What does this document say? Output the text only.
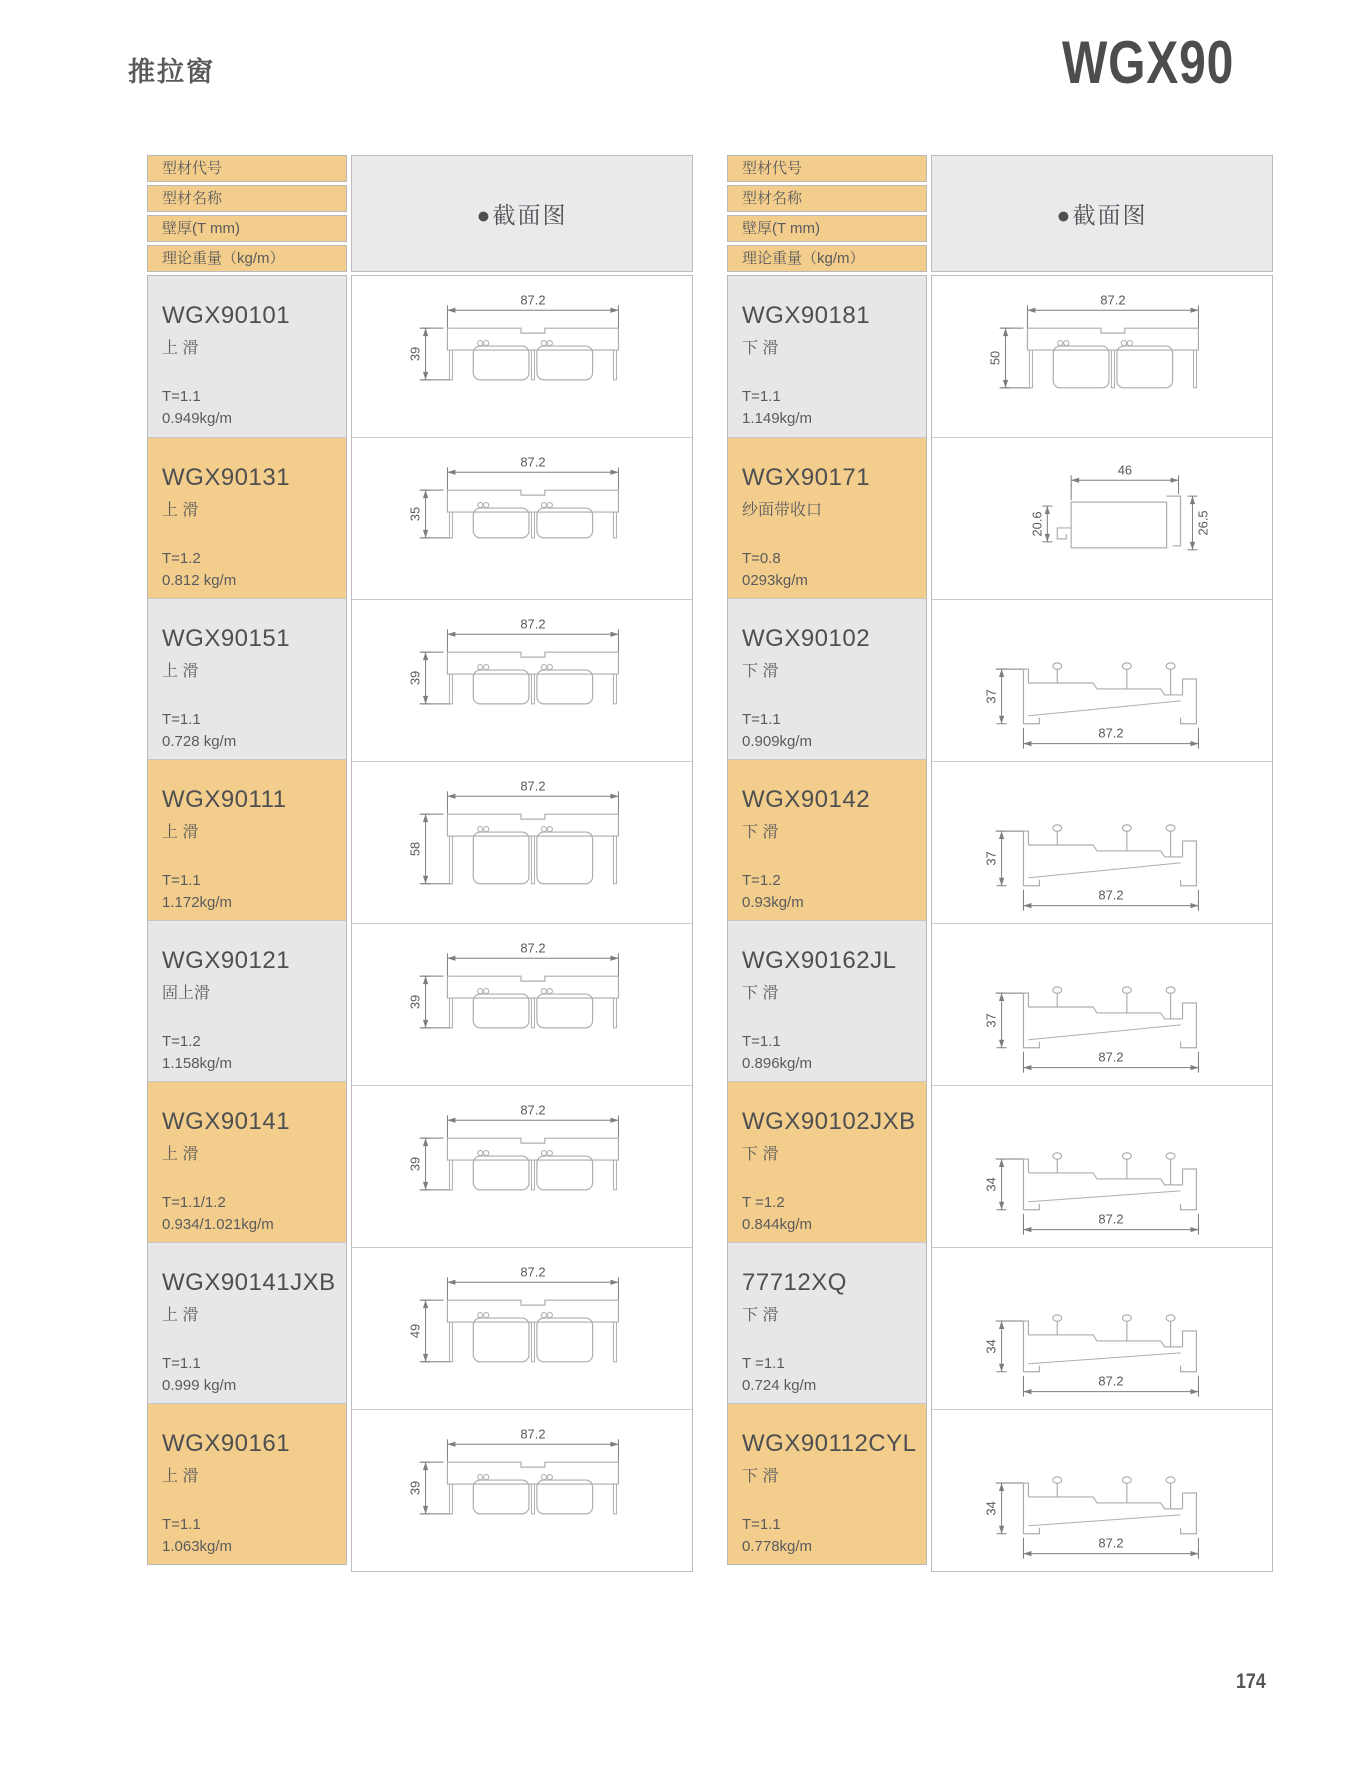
推拉窗	WGX90
型材代号
型材名称
壁厚(T mm)
理论重量（kg/m）
●截面图
WGX90101
上 滑
T=1.1
0.949kg/m
WGX90131
上 滑
T=1.2
0.812 kg/m
WGX90151
上 滑
T=1.1
0.728 kg/m
WGX90111
上 滑
T=1.1
1.172kg/m
WGX90121
固上滑
T=1.2
1.158kg/m
WGX90141
上 滑
T=1.1/1.2
0.934/1.021kg/m
WGX90141JXB
上 滑
T=1.1
0.999 kg/m
WGX90161
上 滑
T=1.1
1.063kg/m
87.2
39
87.2
35
87.2
39
87.2
58
87.2
39
87.2
39
87.2
49
87.2
39
型材代号
型材名称
壁厚(T mm)
理论重量（kg/m）
●截面图
WGX90181
下 滑
T=1.1
1.149kg/m
WGX90171
纱面带收口
T=0.8
0293kg/m
WGX90102
下 滑
T=1.1
0.909kg/m
WGX90142
下 滑
T=1.2
0.93kg/m
WGX90162JL
下 滑
T=1.1
0.896kg/m
WGX90102JXB
下 滑
T =1.2
0.844kg/m
77712XQ
下 滑
T =1.1
0.724 kg/m
WGX90112CYL
下 滑
T=1.1
0.778kg/m
87.2
50
46
20.6	26.5
37
87.2
37
87.2
37
87.2
34
87.2
34
87.2
34
87.2
174
